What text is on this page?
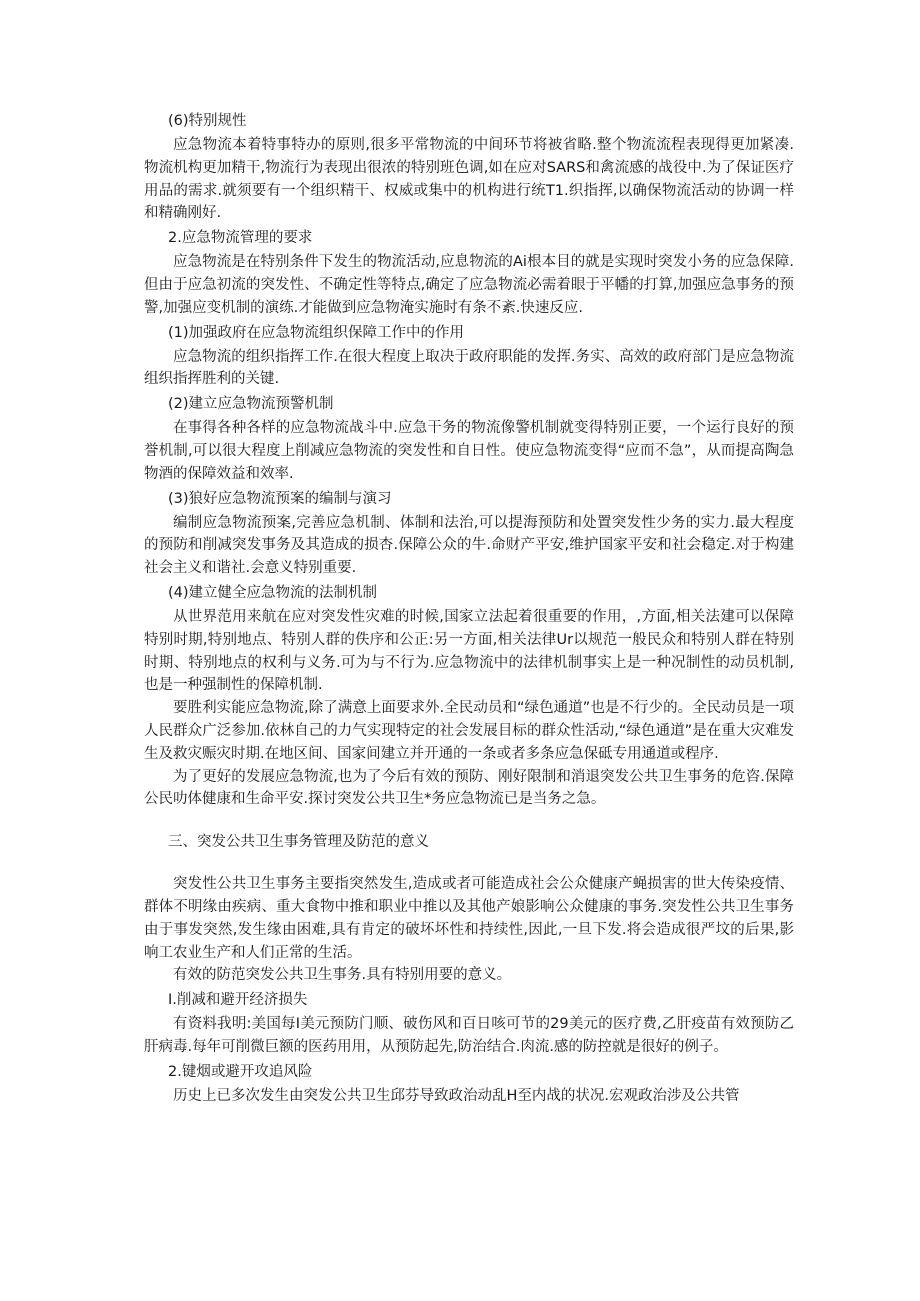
(6)特别规性

应急物流本着特事特办的原则,很多平常物流的中间环节将被省略.整个物流流程表现得更加紧凑.物流机构更加精干,物流行为表现出很浓的特别班色调,如在应对SARS和禽流感的战役中.为了保证医疗用品的需求.就须要有一个组织精干、权威或集中的机构进行统T1.织指挥,以确保物流活动的协调一样和精确刚好.

2.应急物流管理的要求

应急物流是在特别条件下发生的物流活动,应息物流的Ai根本目的就是实现时突发小务的应急保障.但由于应急初流的突发性、不确定性等特点,确定了应急物流必需着眼于平幡的打算,加强应急事务的预警,加强应变机制的演练.才能做到应急物淹实施时有条不紊.快速反应.

(1)加强政府在应急物流组织保障工作中的作用

应急物流的组织指挥工作.在很大程度上取决于政府职能的发挥.务实、高效的政府部门是应急物流组织指挥胜利的关键.

(2)建立应急物流预警机制

在事得各种各样的应急物流战斗中.应急干务的物流像警机制就变得特别正要，一个运行良好的预誉机制,可以很大程度上削减应急物流的突发性和自日性。使应急物流变得“应而不急”，从而提高陶急物酒的保障效益和效率.

(3)狼好应急物流预案的编制与演习

编制应急物流预案,完善应急机制、体制和法治,可以提海预防和处置突发性少务的实力.最大程度的预防和削减突发事务及其造成的损杏.保障公众的牛.命财产平安,维护国家平安和社会稳定.对于构建社会主义和谐社.会意义特别重要.

(4)建立健全应急物流的法制机制

从世界范用来航在应对突发性灾难的时候,国家立法起着很重要的作用，,方面,相关法建可以保障特别时期,特别地点、特别人群的佚序和公正:另一方面,相关法律Ur以规范一般民众和特别人群在特别时期、特别地点的权利与义务.可为与不行为.应急物流中的法律机制事实上是一种况制性的动员机制,也是一种强制性的保障机制.

要胜利实能应急物流,除了满意上面要求外.全民动员和“绿色通道”也是不行少的。全民动员是一项人民群众广泛参加.依林自己的力气实现特定的社会发展目标的群众性活动,“绿色通道”是在重大灾难发生及救灾赈灾时期.在地区间、国家间建立并开通的一条或者多条应急保砥专用通道或程序.

为了更好的发展应急物流,也为了今后有效的预防、刚好限制和消退突发公共卫生事务的危咨.保障公民叻体健康和生命平安.探讨突发公共卫生*务应急物流已是当务之急。

三、突发公共卫生事务管理及防范的意义

突发性公共卫生事务主要指突然发生,造成或者可能造成社会公众健康产蝇损害的世大传染疫情、群体不明缘由疾病、重大食物中推和职业中推以及其他产娘影响公众健康的事务.突发性公共卫生事务由于事发突然,发生缘由困难,具有肯定的破坏坏性和持续性,因此,一旦下发.将会造成很严坟的后果,影响工农业生产和人们正常的生活。

有效的防范突发公共卫生事务.具有特别用要的意义。

I.削减和避开经济损失

有资料我明:美国每I美元预防门顺、破伤风和百日咳可节的29美元的医疗费,乙肝疫苗有效预防乙肝病毒.每年可削微巨额的医药用用，从预防起先,防治结合.肉流.感的防控就是很好的例子。

2.键烟或避开攻追风险

历史上已多次发生由突发公共卫生邱芬导致政治动乱H至内战的状况.宏观政治涉及公共管
